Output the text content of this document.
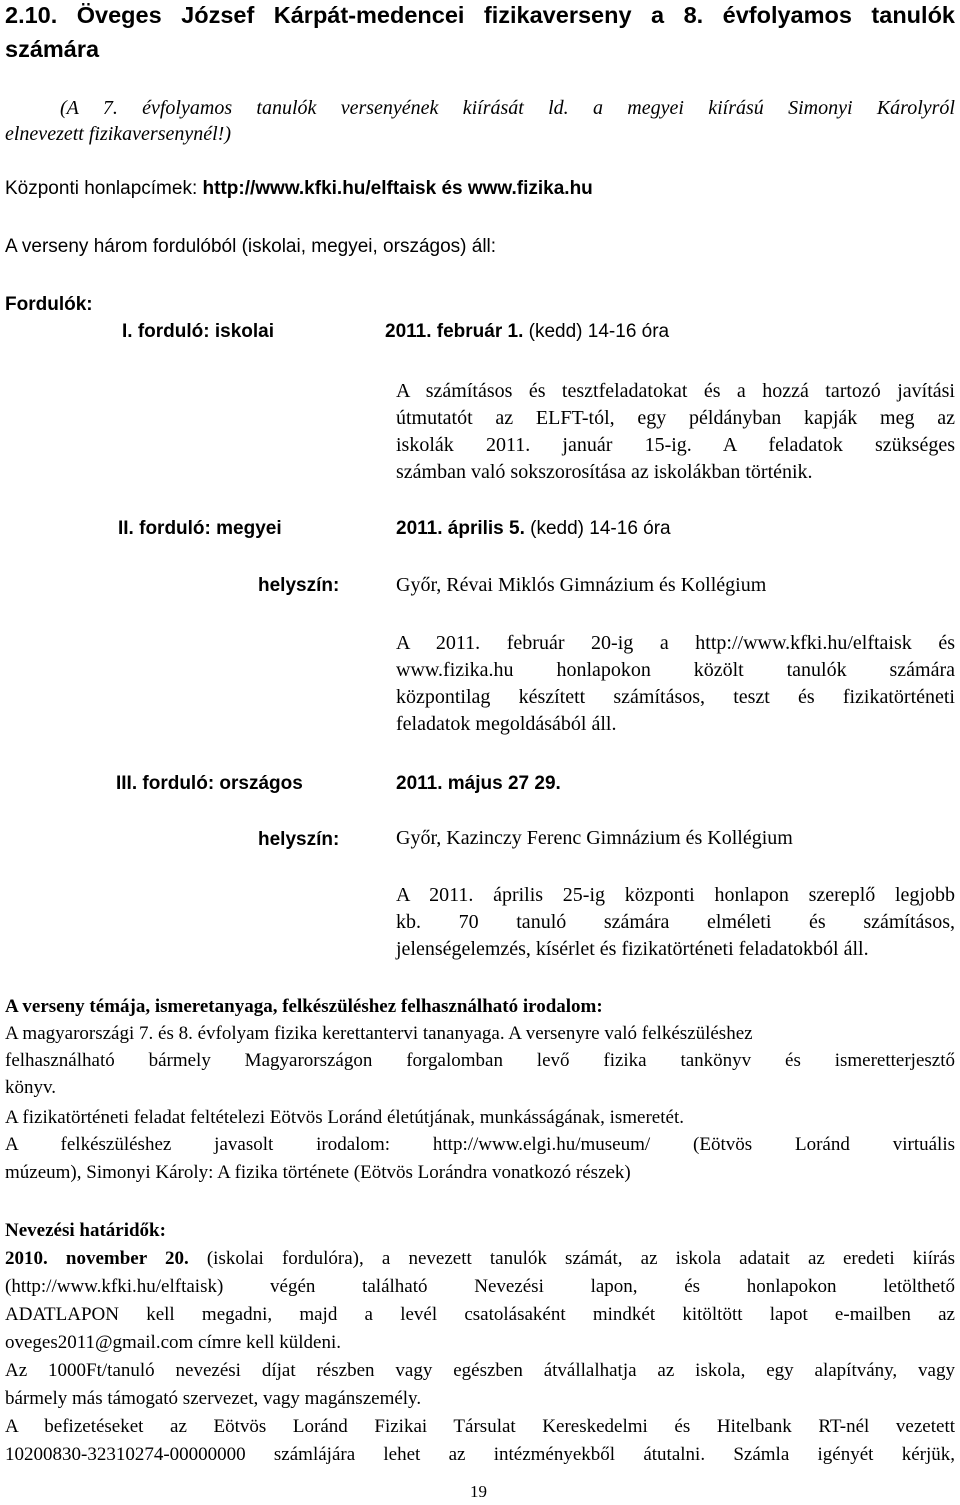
2.10. Öveges József Kárpát-medencei fizikaverseny a 8. évfolyamos tanulók
számára
(A 7. évfolyamos tanulók versenyének kiírását ld. a megyei kiírású Simonyi Károlyról
elnevezett fizikaversenynél!)
Központi honlapcímek: http://www.kfki.hu/elftaisk és www.fizika.hu
A verseny három fordulóból (iskolai, megyei, országos) áll:
Fordulók:
I. forduló: iskolai	2011. február 1. (kedd) 14-16 óra
A számításos és tesztfeladatokat és a hozzá tartozó javítási
útmutatót az ELFT-tól, egy példányban kapják meg az
iskolák 2011. január 15-ig. A feladatok szükséges
számban való sokszorosítása az iskolákban történik.
II. forduló: megyei	2011. április 5. (kedd) 14-16 óra
helyszín:	Győr, Révai Miklós Gimnázium és Kollégium
A 2011. február 20-ig a http://www.kfki.hu/elftaisk és
www.fizika.hu honlapokon közölt tanulók számára
központilag készített számításos, teszt és fizikatörténeti
feladatok megoldásából áll.
III. forduló: országos	2011. május 27 29.
helyszín:	Győr, Kazinczy Ferenc Gimnázium és Kollégium
A 2011. április 25-ig központi honlapon szereplő legjobb
kb. 70 tanuló számára elméleti és számításos,
jelenségelemzés, kísérlet és fizikatörténeti feladatokból áll.
A verseny témája, ismeretanyaga, felkészüléshez felhasználható irodalom:
A magyarországi 7. és 8. évfolyam fizika kerettantervi tananyaga. A versenyre való felkészüléshez
felhasználható bármely Magyarországon forgalomban levő fizika tankönyv és ismeretterjesztő
könyv.
A fizikatörténeti feladat feltételezi Eötvös Loránd életútjának, munkásságának, ismeretét.
A felkészüléshez javasolt irodalom: http://www.elgi.hu/museum/ (Eötvös Loránd virtuális
múzeum), Simonyi Károly: A fizika története (Eötvös Lorándra vonatkozó részek)
Nevezési határidők:
2010. november 20. (iskolai fordulóra), a nevezett tanulók számát, az iskola adatait az eredeti kiírás
(http://www.kfki.hu/elftaisk) végén található Nevezési lapon, és honlapokon letölthető
ADATLAPON kell megadni, majd a levél csatolásaként mindkét kitöltött lapot e-mailben az
oveges2011@gmail.com címre kell küldeni.
Az 1000Ft/tanuló nevezési díjat részben vagy egészben átvállalhatja az iskola, egy alapítvány, vagy
bármely más támogató szervezet, vagy magánszemély.
A befizetéseket az Eötvös Loránd Fizikai Társulat Kereskedelmi és Hitelbank RT-nél vezetett
10200830-32310274-00000000 számlájára lehet az intézményekből átutalni. Számla igényét kérjük,
19
